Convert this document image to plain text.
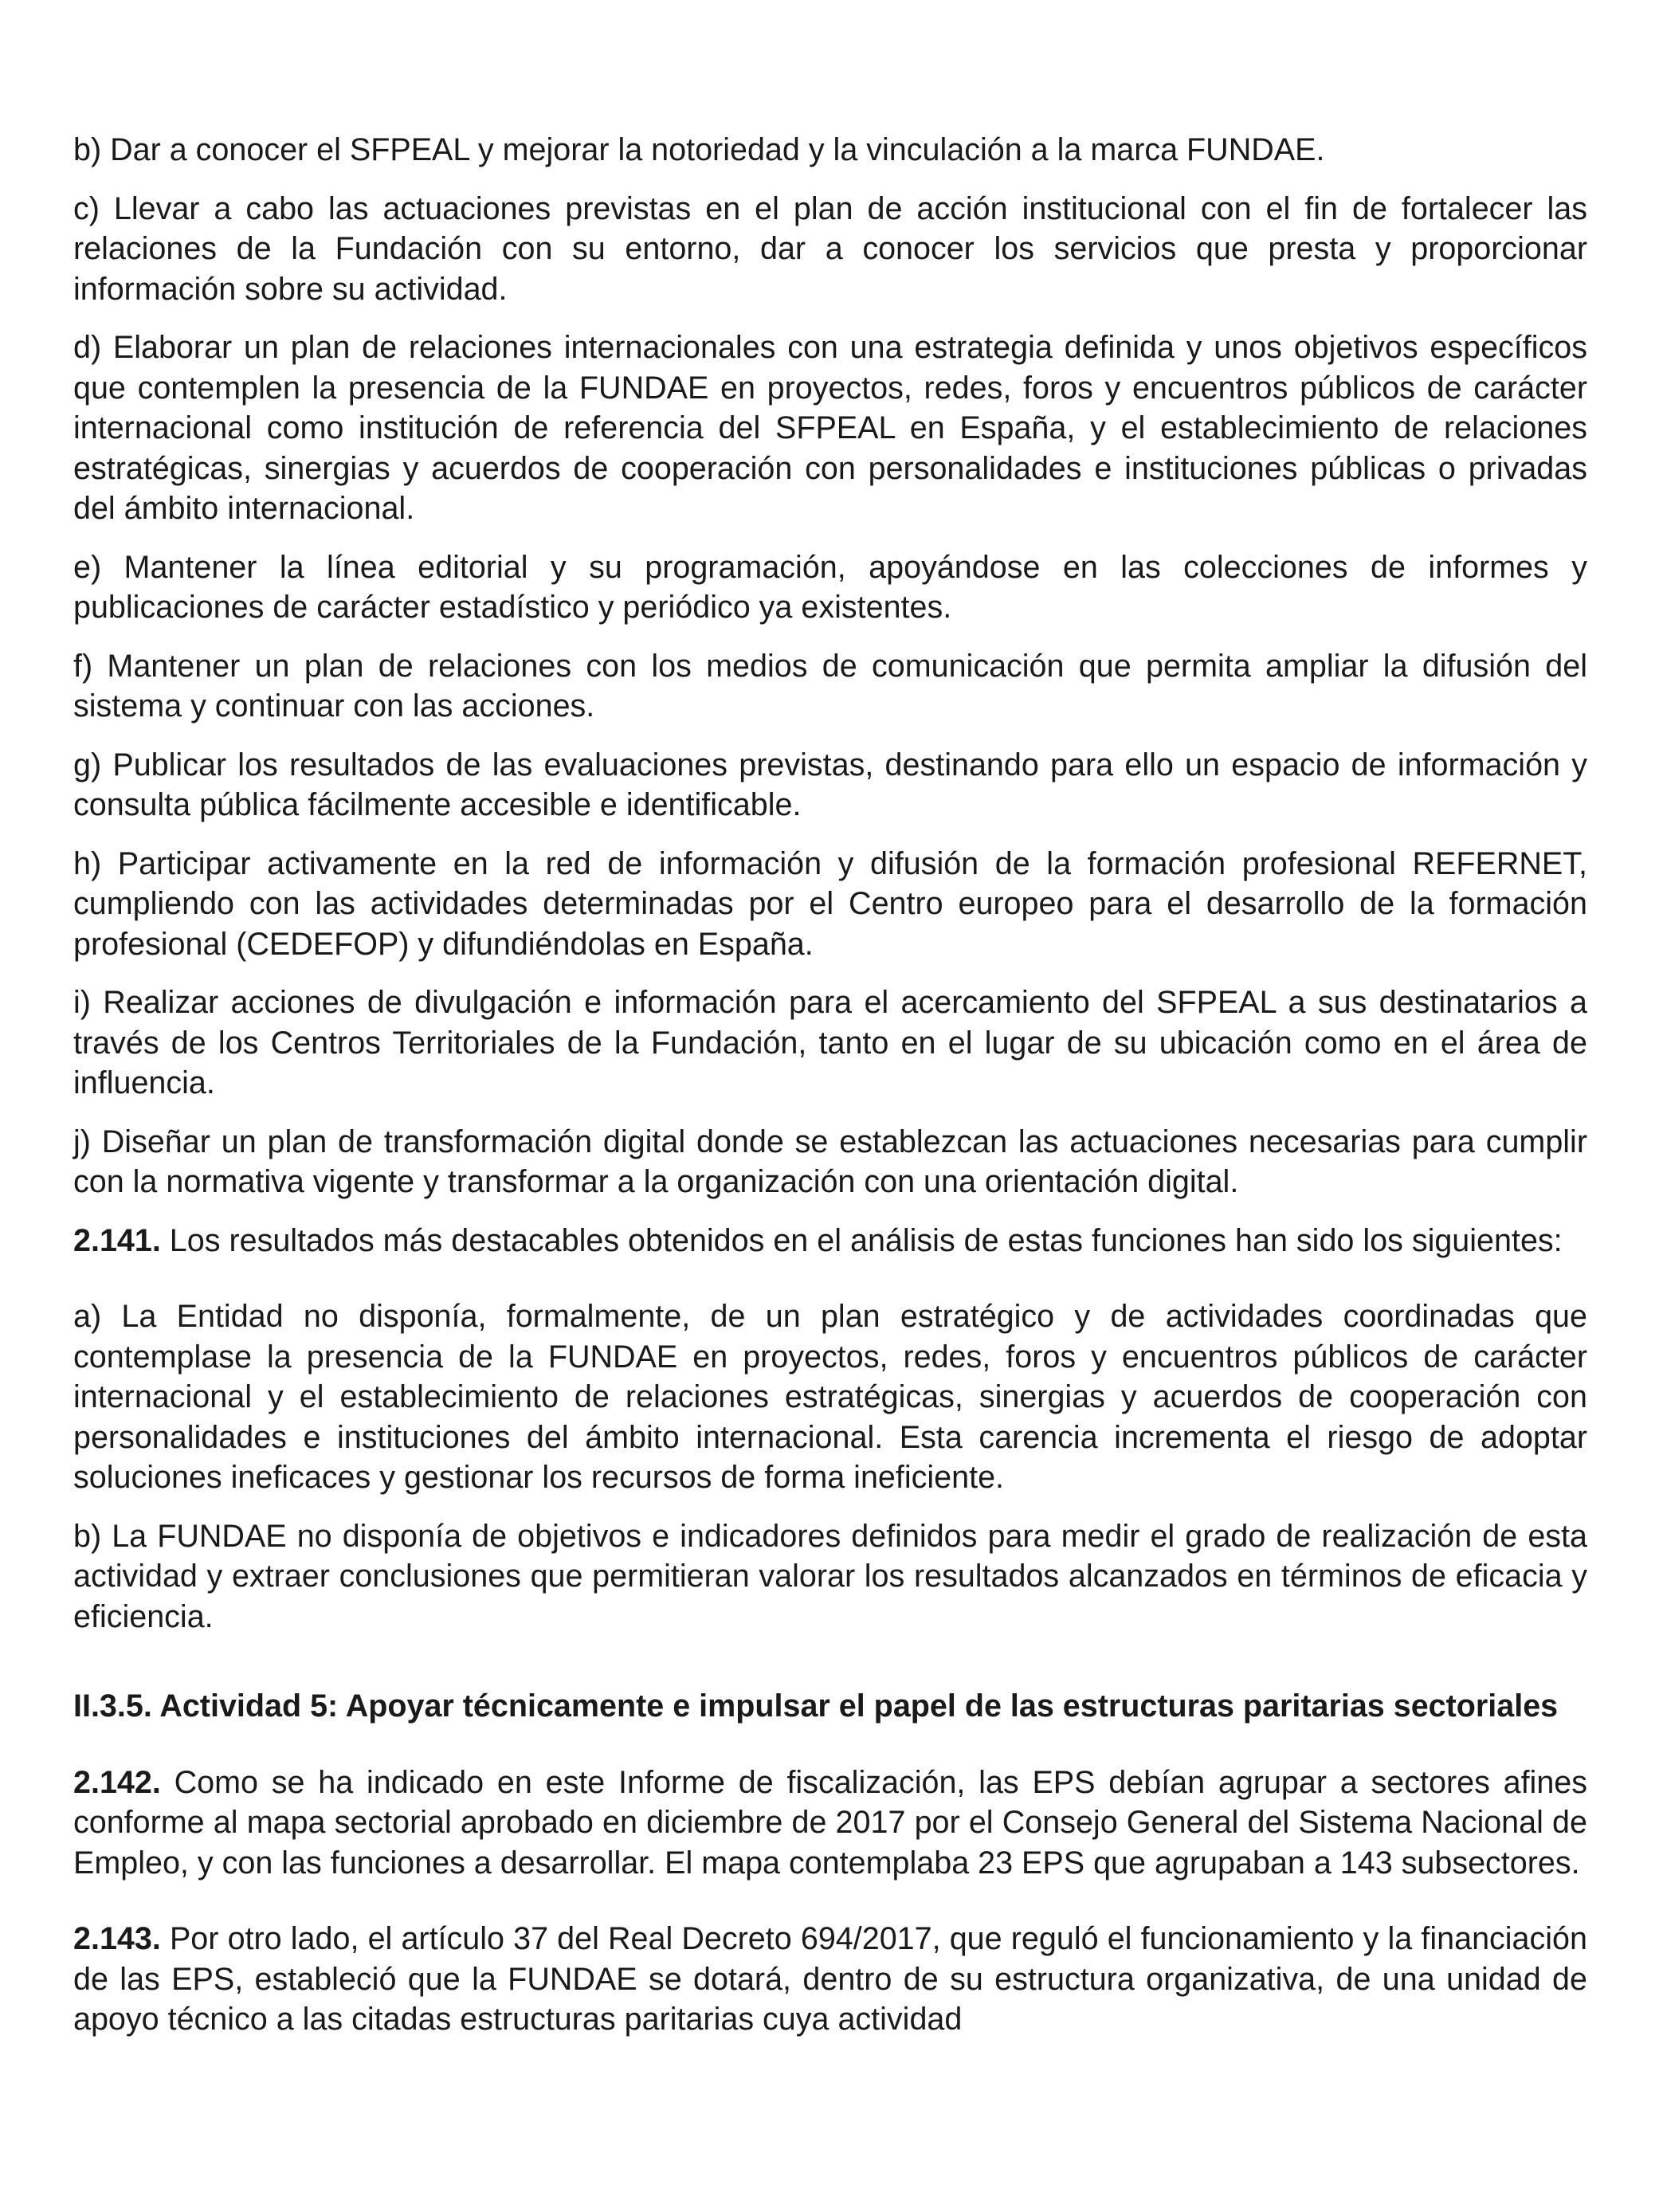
b) Dar a conocer el SFPEAL y mejorar la notoriedad y la vinculación a la marca FUNDAE.

c) Llevar a cabo las actuaciones previstas en el plan de acción institucional con el fin de fortalecer las relaciones de la Fundación con su entorno, dar a conocer los servicios que presta y proporcionar información sobre su actividad.

d) Elaborar un plan de relaciones internacionales con una estrategia definida y unos objetivos específicos que contemplen la presencia de la FUNDAE en proyectos, redes, foros y encuentros públicos de carácter internacional como institución de referencia del SFPEAL en España, y el establecimiento de relaciones estratégicas, sinergias y acuerdos de cooperación con personalidades e instituciones públicas o privadas del ámbito internacional.

e) Mantener la línea editorial y su programación, apoyándose en las colecciones de informes y publicaciones de carácter estadístico y periódico ya existentes.

f) Mantener un plan de relaciones con los medios de comunicación que permita ampliar la difusión del sistema y continuar con las acciones.

g) Publicar los resultados de las evaluaciones previstas, destinando para ello un espacio de información y consulta pública fácilmente accesible e identificable.

h) Participar activamente en la red de información y difusión de la formación profesional REFERNET, cumpliendo con las actividades determinadas por el Centro europeo para el desarrollo de la formación profesional (CEDEFOP) y difundiéndolas en España.

i) Realizar acciones de divulgación e información para el acercamiento del SFPEAL a sus destinatarios a través de los Centros Territoriales de la Fundación, tanto en el lugar de su ubicación como en el área de influencia.

j) Diseñar un plan de transformación digital donde se establezcan las actuaciones necesarias para cumplir con la normativa vigente y transformar a la organización con una orientación digital.

2.141. Los resultados más destacables obtenidos en el análisis de estas funciones han sido los siguientes:

a) La Entidad no disponía, formalmente, de un plan estratégico y de actividades coordinadas que contemplase la presencia de la FUNDAE en proyectos, redes, foros y encuentros públicos de carácter internacional y el establecimiento de relaciones estratégicas, sinergias y acuerdos de cooperación con personalidades e instituciones del ámbito internacional. Esta carencia incrementa el riesgo de adoptar soluciones ineficaces y gestionar los recursos de forma ineficiente.

b) La FUNDAE no disponía de objetivos e indicadores definidos para medir el grado de realización de esta actividad y extraer conclusiones que permitieran valorar los resultados alcanzados en términos de eficacia y eficiencia.

II.3.5. Actividad 5: Apoyar técnicamente e impulsar el papel de las estructuras paritarias sectoriales

2.142. Como se ha indicado en este Informe de fiscalización, las EPS debían agrupar a sectores afines conforme al mapa sectorial aprobado en diciembre de 2017 por el Consejo General del Sistema Nacional de Empleo, y con las funciones a desarrollar. El mapa contemplaba 23 EPS que agrupaban a 143 subsectores.

2.143. Por otro lado, el artículo 37 del Real Decreto 694/2017, que reguló el funcionamiento y la financiación de las EPS, estableció que la FUNDAE se dotará, dentro de su estructura organizativa, de una unidad de apoyo técnico a las citadas estructuras paritarias cuya actividad
